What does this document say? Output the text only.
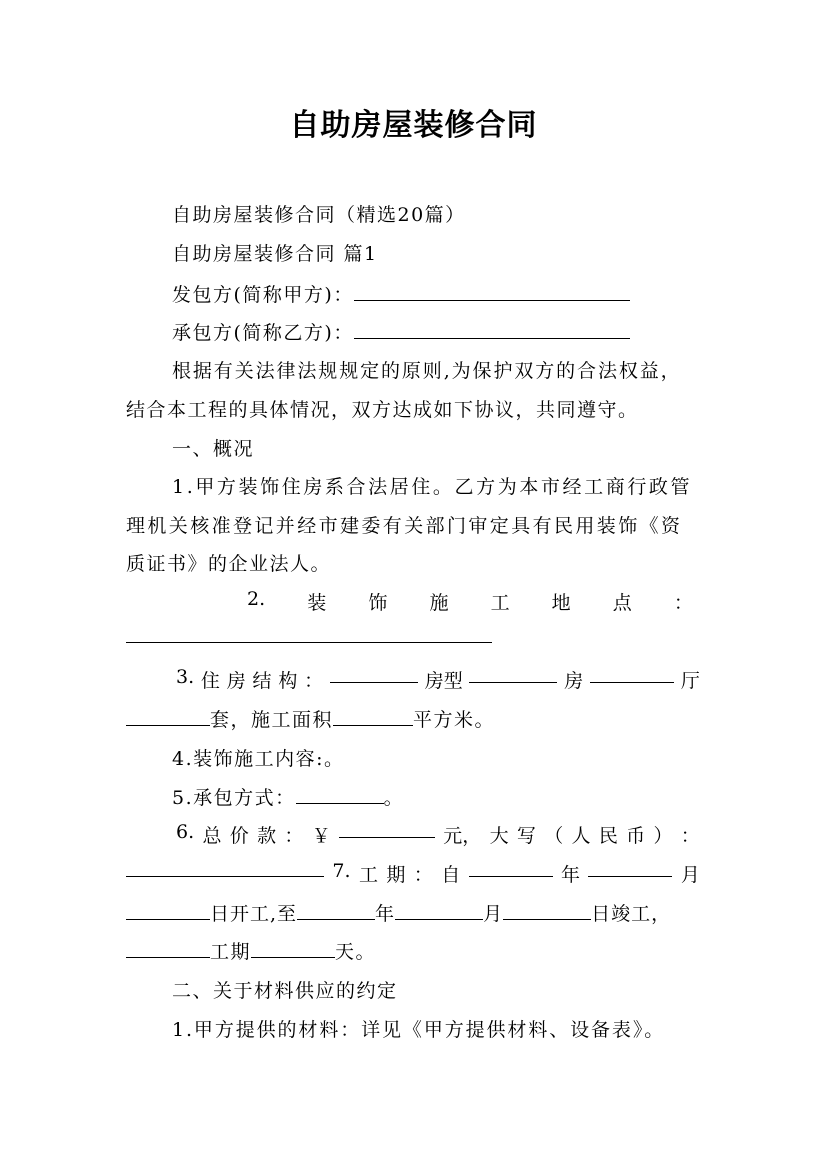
自助房屋装修合同
自助房屋装修合同（精选20篇）
自助房屋装修合同 篇1
发包方(简称甲方)：
承包方(简称乙方)：
根据有关法律法规规定的原则,为保护双方的合法权益，
结合本工程的具体情况，双方达成如下协议，共同遵守。
一、概况
1.甲方装饰住房系合法居住。乙方为本市经工商行政管
理机关核准登记并经市建委有关部门审定具有民用装饰《资
质证书》的企业法人。
2. 装 饰 施 工 地 点 ：
3. 住 房 结 构 ：	房型	房	厅
套，施工面积	平方米。
4.装饰施工内容:。
5.承包方式：	。
6. 总 价 款 ： ￥	元， 大 写 （ 人 民 币 ） ：
7. 工 期 ： 自	年	月
日开工,至	年	月	日竣工，
工期	天。
二、关于材料供应的约定
1.甲方提供的材料：详见《甲方提供材料、设备表》。
